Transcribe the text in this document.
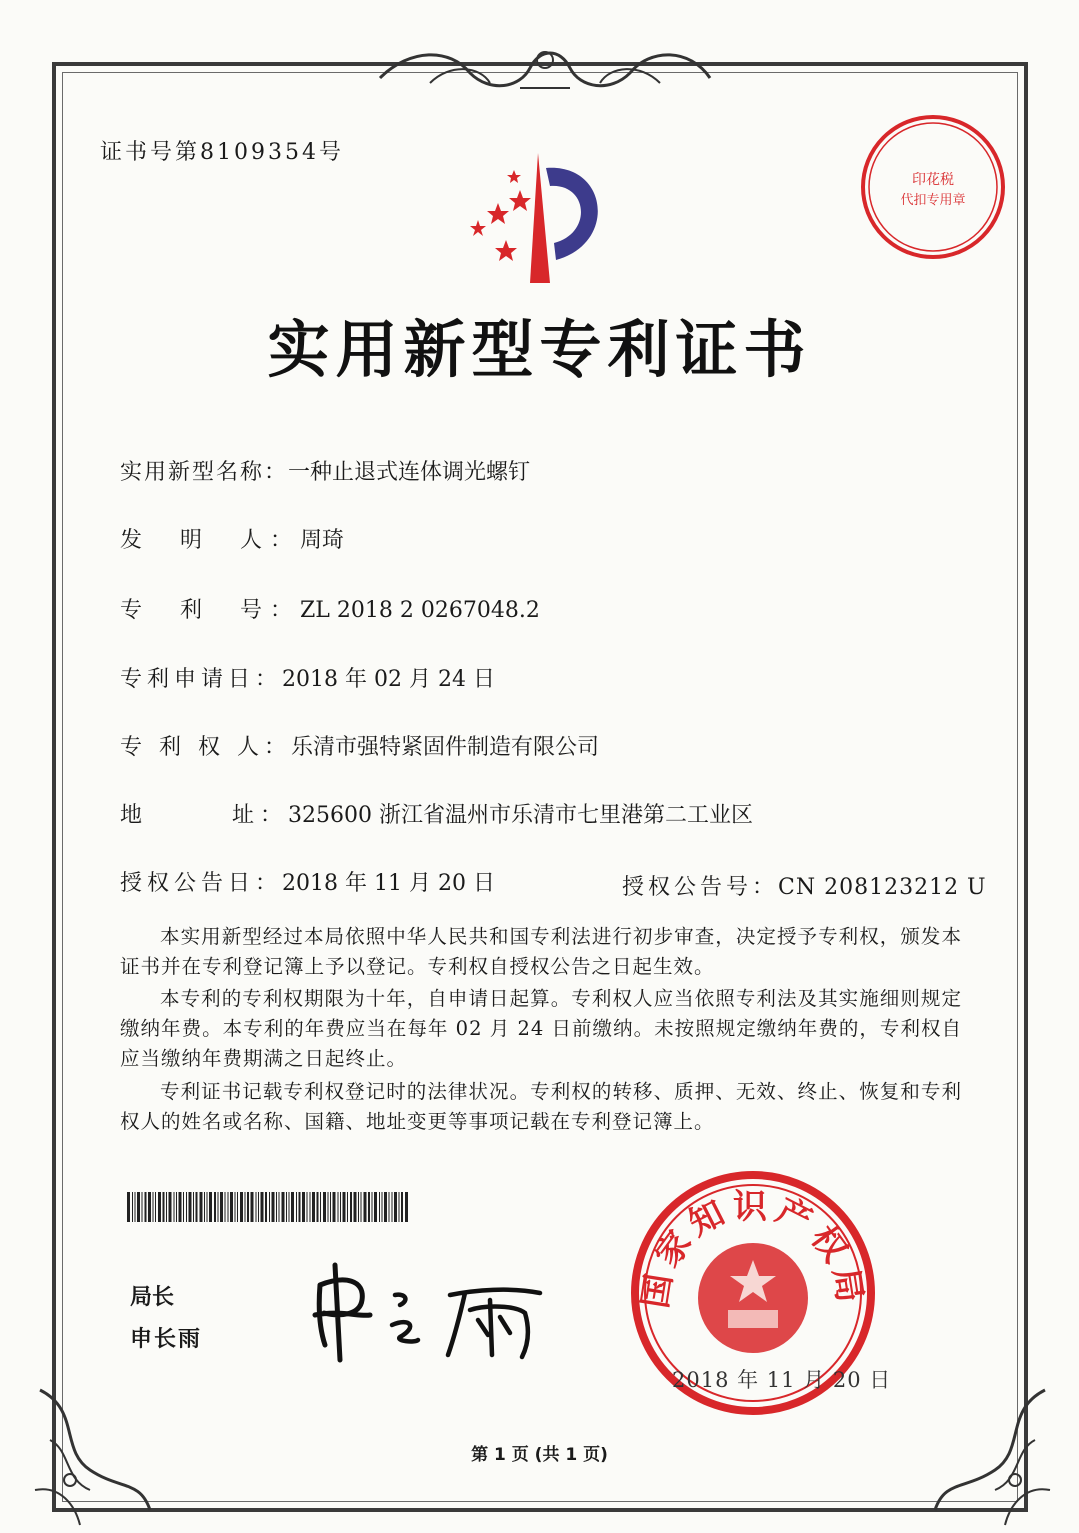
证书号第8109354号
印花税
代扣专用章
实用新型专利证书
实用新型名称：一种止退式连体调光螺钉
发　明　人：周琦
专　利　号：ZL 2018 2 0267048.2
专利申请日：2018 年 02 月 24 日
专 利 权 人：乐清市强特紧固件制造有限公司
地　　　址：325600 浙江省温州市乐清市七里港第二工业区
授权公告日：2018 年 11 月 20 日	授权公告号：CN 208123212 U
本实用新型经过本局依照中华人民共和国专利法进行初步审查，决定授予专利权，颁发本证书并在专利登记簿上予以登记。专利权自授权公告之日起生效。
本专利的专利权期限为十年，自申请日起算。专利权人应当依照专利法及其实施细则规定缴纳年费。本专利的年费应当在每年 02 月 24 日前缴纳。未按照规定缴纳年费的，专利权自应当缴纳年费期满之日起终止。
专利证书记载专利权登记时的法律状况。专利权的转移、质押、无效、终止、恢复和专利权人的姓名或名称、国籍、地址变更等事项记载在专利登记簿上。
局长
申长雨
国家知识产权局
2018 年 11 月 20 日
第 1 页 (共 1 页)
